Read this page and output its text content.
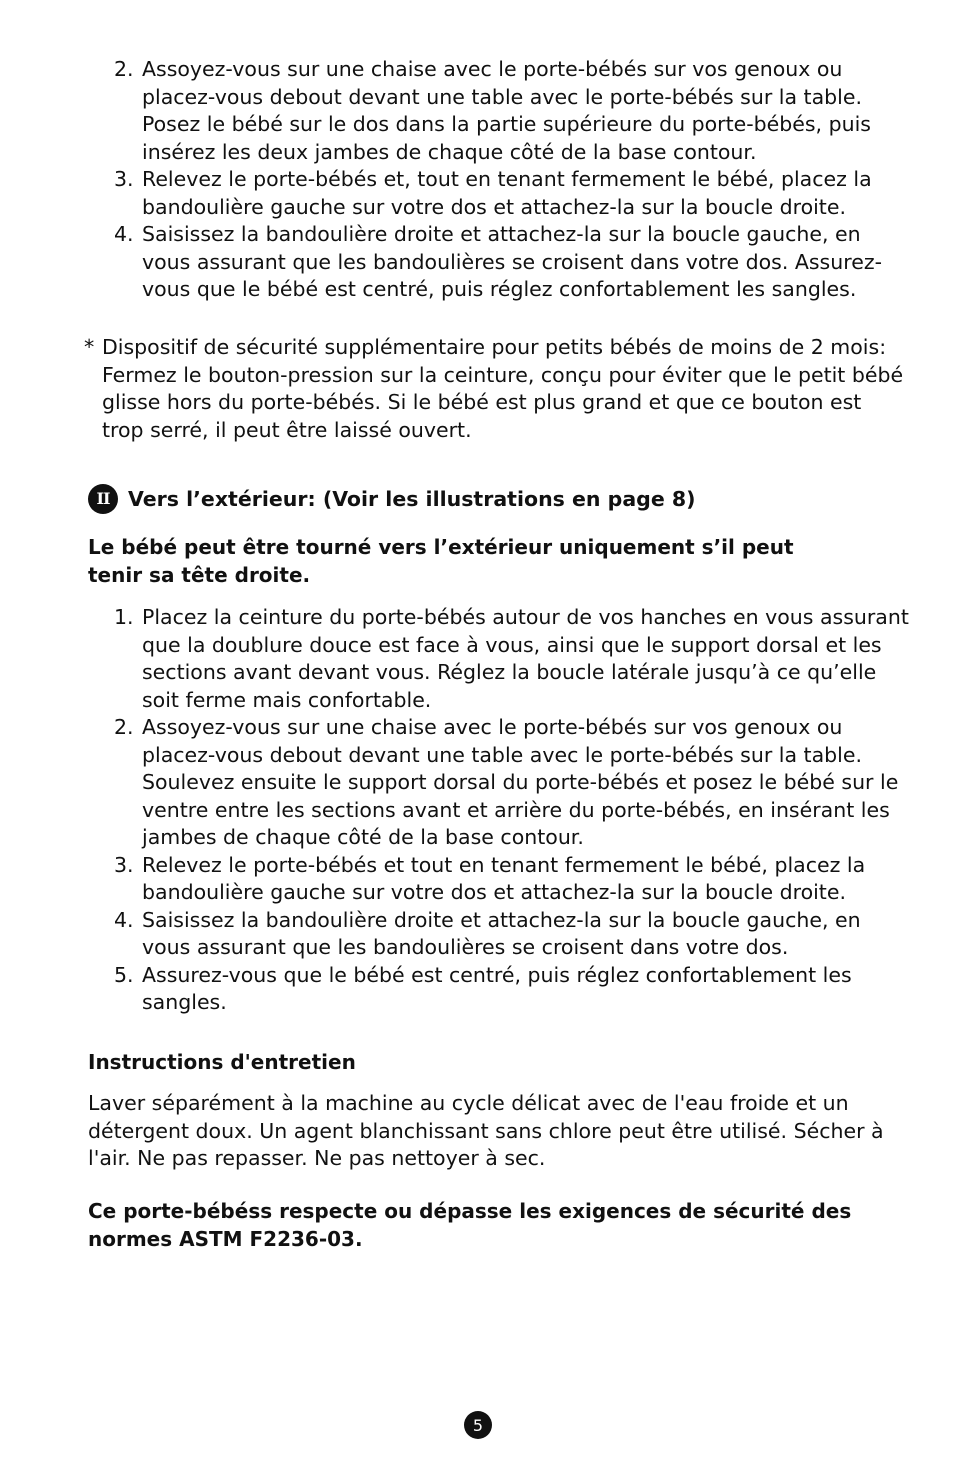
2. Assoyez-vous sur une chaise avec le porte-bébés sur vos genoux ou placez-vous debout devant une table avec le porte-bébés sur la table. Posez le bébé sur le dos dans la partie supérieure du porte-bébés, puis insérez les deux jambes de chaque côté de la base contour.
3. Relevez le porte-bébés et, tout en tenant fermement le bébé, placez la bandoulière gauche sur votre dos et attachez-la sur la boucle droite.
4. Saisissez la bandoulière droite et attachez-la sur la boucle gauche, en vous assurant que les bandoulières se croisent dans votre dos. Assurez-vous que le bébé est centré, puis réglez confortablement les sangles.
* Dispositif de sécurité supplémentaire pour petits bébés de moins de 2 mois: Fermez le bouton-pression sur la ceinture, conçu pour éviter que le petit bébé glisse hors du porte-bébés. Si le bébé est plus grand et que ce bouton est trop serré, il peut être laissé ouvert.
II Vers l’extérieur: (Voir les illustrations en page 8)
Le bébé peut être tourné vers l’extérieur uniquement s’il peut tenir sa tête droite.
1. Placez la ceinture du porte-bébés autour de vos hanches en vous assurant que la doublure douce est face à vous, ainsi que le support dorsal et les sections avant devant vous. Réglez la boucle latérale jusqu’à ce qu’elle soit ferme mais confortable.
2. Assoyez-vous sur une chaise avec le porte-bébés sur vos genoux ou placez-vous debout devant une table avec le porte-bébés sur la table. Soulevez ensuite le support dorsal du porte-bébés et posez le bébé sur le ventre entre les sections avant et arrière du porte-bébés, en insérant les jambes de chaque côté de la base contour.
3. Relevez le porte-bébés et tout en tenant fermement le bébé, placez la bandoulière gauche sur votre dos et attachez-la sur la boucle droite.
4. Saisissez la bandoulière droite et attachez-la sur la boucle gauche, en vous assurant que les bandoulières se croisent dans votre dos.
5. Assurez-vous que le bébé est centré, puis réglez confortablement les sangles.
Instructions d'entretien
Laver séparément à la machine au cycle délicat avec de l'eau froide et un détergent doux. Un agent blanchissant sans chlore peut être utilisé. Sécher à l'air. Ne pas repasser. Ne pas nettoyer à sec.
Ce porte-bébéss respecte ou dépasse les exigences de sécurité des normes ASTM F2236-03.
5
